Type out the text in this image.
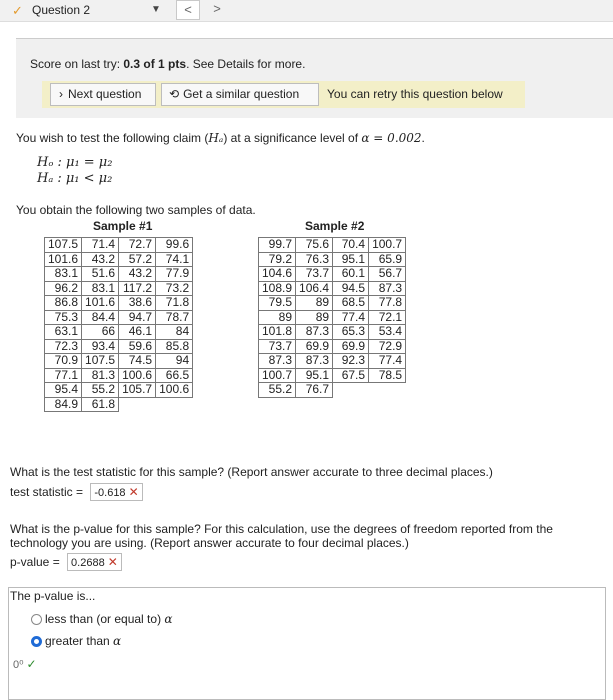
✓ Question 2	▼	<	>
Score on last try: 0.3 of 1 pts. See Details for more.
› Next question	⟲ Get a similar question	You can retry this question below
You wish to test the following claim (Hₐ) at a significance level of α = 0.002.
Hₒ : μ₁ = μ₂
Hₐ : μ₁ < μ₂
You obtain the following two samples of data.
Sample #1	Sample #2
107.5	71.4	72.7	99.6
101.6	43.2	57.2	74.1
83.1	51.6	43.2	77.9
96.2	83.1	117.2	73.2
86.8	101.6	38.6	71.8
75.3	84.4	94.7	78.7
63.1	66	46.1	84
72.3	93.4	59.6	85.8
70.9	107.5	74.5	94
77.1	81.3	100.6	66.5
95.4	55.2	105.7	100.6
84.9	61.8		
99.7	75.6	70.4	100.7
79.2	76.3	95.1	65.9
104.6	73.7	60.1	56.7
108.9	106.4	94.5	87.3
79.5	89	68.5	77.8
89	89	77.4	72.1
101.8	87.3	65.3	53.4
73.7	69.9	69.9	72.9
87.3	87.3	92.3	77.4
100.7	95.1	67.5	78.5
55.2	76.7		
What is the test statistic for this sample? (Report answer accurate to three decimal places.)
test statistic = -0.618 ✕
What is the p-value for this sample? For this calculation, use the degrees of freedom reported from the technology you are using. (Report answer accurate to four decimal places.)
p-value = 0.2688 ✕
The p-value is...
less than (or equal to) α
greater than α
0⁰ ✓
